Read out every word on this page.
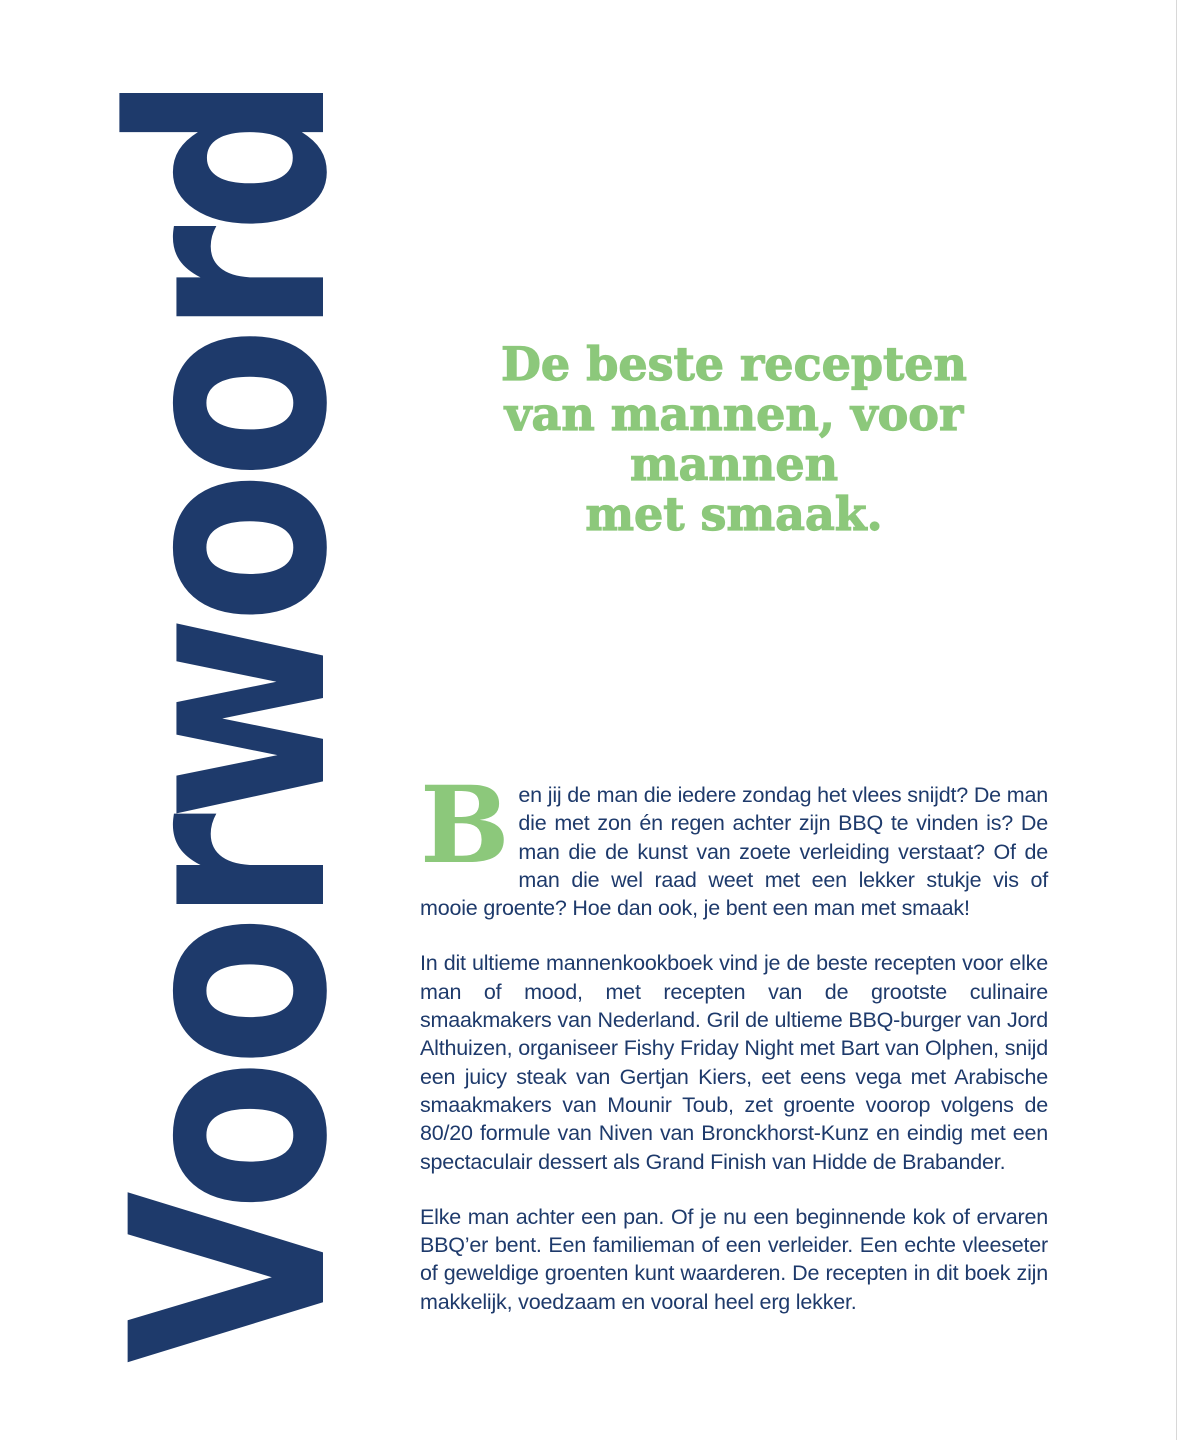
Voorwoord	De beste recepten
van mannen, voor mannen
met smaak.

Ben jij de man die iedere zondag het vlees snijdt? De man die met zon én regen achter zijn BBQ te vinden is? De man die de kunst van zoete verleiding verstaat? Of de man die wel raad weet met een lekker stukje vis of mooie groente? Hoe dan ook, je bent een man met smaak!

In dit ultieme mannenkookboek vind je de beste recepten voor elke man of mood, met recepten van de grootste culinaire smaakmakers van Nederland. Gril de ultieme BBQ-burger van Jord Althuizen, organiseer Fishy Friday Night met Bart van Olphen, snijd een juicy steak van Gertjan Kiers, eet eens vega met Arabische smaakmakers van Mounir Toub, zet groente voorop volgens de 80/20 formule van Niven van Bronckhorst-Kunz en eindig met een spectaculair dessert als Grand Finish van Hidde de Brabander.

Elke man achter een pan. Of je nu een beginnende kok of ervaren BBQ’er bent. Een familieman of een verleider. Een echte vleeseter of geweldige groenten kunt waarderen. De recepten in dit boek zijn makkelijk, voedzaam en vooral heel erg lekker.
